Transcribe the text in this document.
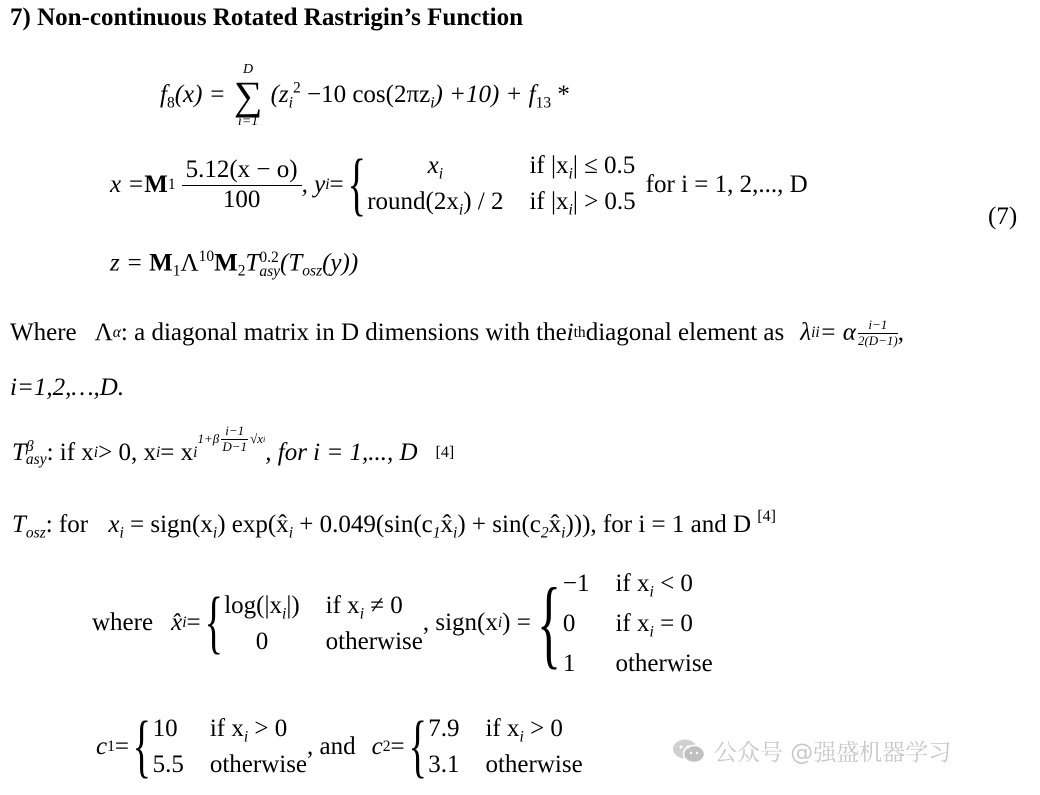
7) Non-continuous Rotated Rastrigin’s Function
$f_8(x)$ =
D
∑
i=1
($z_i^2 -10$ $\cos(2\pi z_i) +10) + f_{13}$ *
x = M $1 \frac{5.12(x - o)}{100}$ , y i = {	$x_i$	if $|x_i| \le 0.5$
$round(2x_i) / 2$ if $|x_i| > 0.5$
for i = 1, 2,..., D
(7)
$z = M_1\Lambda^{10}M_2T$ 0.2
asy $(T_{osz}(y))$
Where Λ α : a diagonal matrix in D dimensions with the i th diagonal element as λ ii = α $\frac{i-1}{2(D-1)}$ ,
i=1,2,…,D.
T β
asy : if x i > 0, x i = x i
$1+\beta \frac{i-1}{D-1} √x$ i , for i = 1,..., D [4]
$T_{osz}$: for $x_i$ = $sign(x_i)$ $\exp(x̂_i$ + $0.049(\sin(c_1x̂_i)$ + $\sin(c_2x̂_i)$)), for i = 1 and D [4]
where x̂ i = { $\log(|x_i|)$ if $x_i \ne 0$
0	otherwise
, sign(x i ) = { −1 if $x_i < 0$
0	if $x_i = 0$
1	otherwise
c 1 = { 10 if $x_i > 0$
5.5 otherwise
, and c 2 = { 7.9 if $x_i > 0$
3.1 otherwise	公众号 @强盛机器学习
